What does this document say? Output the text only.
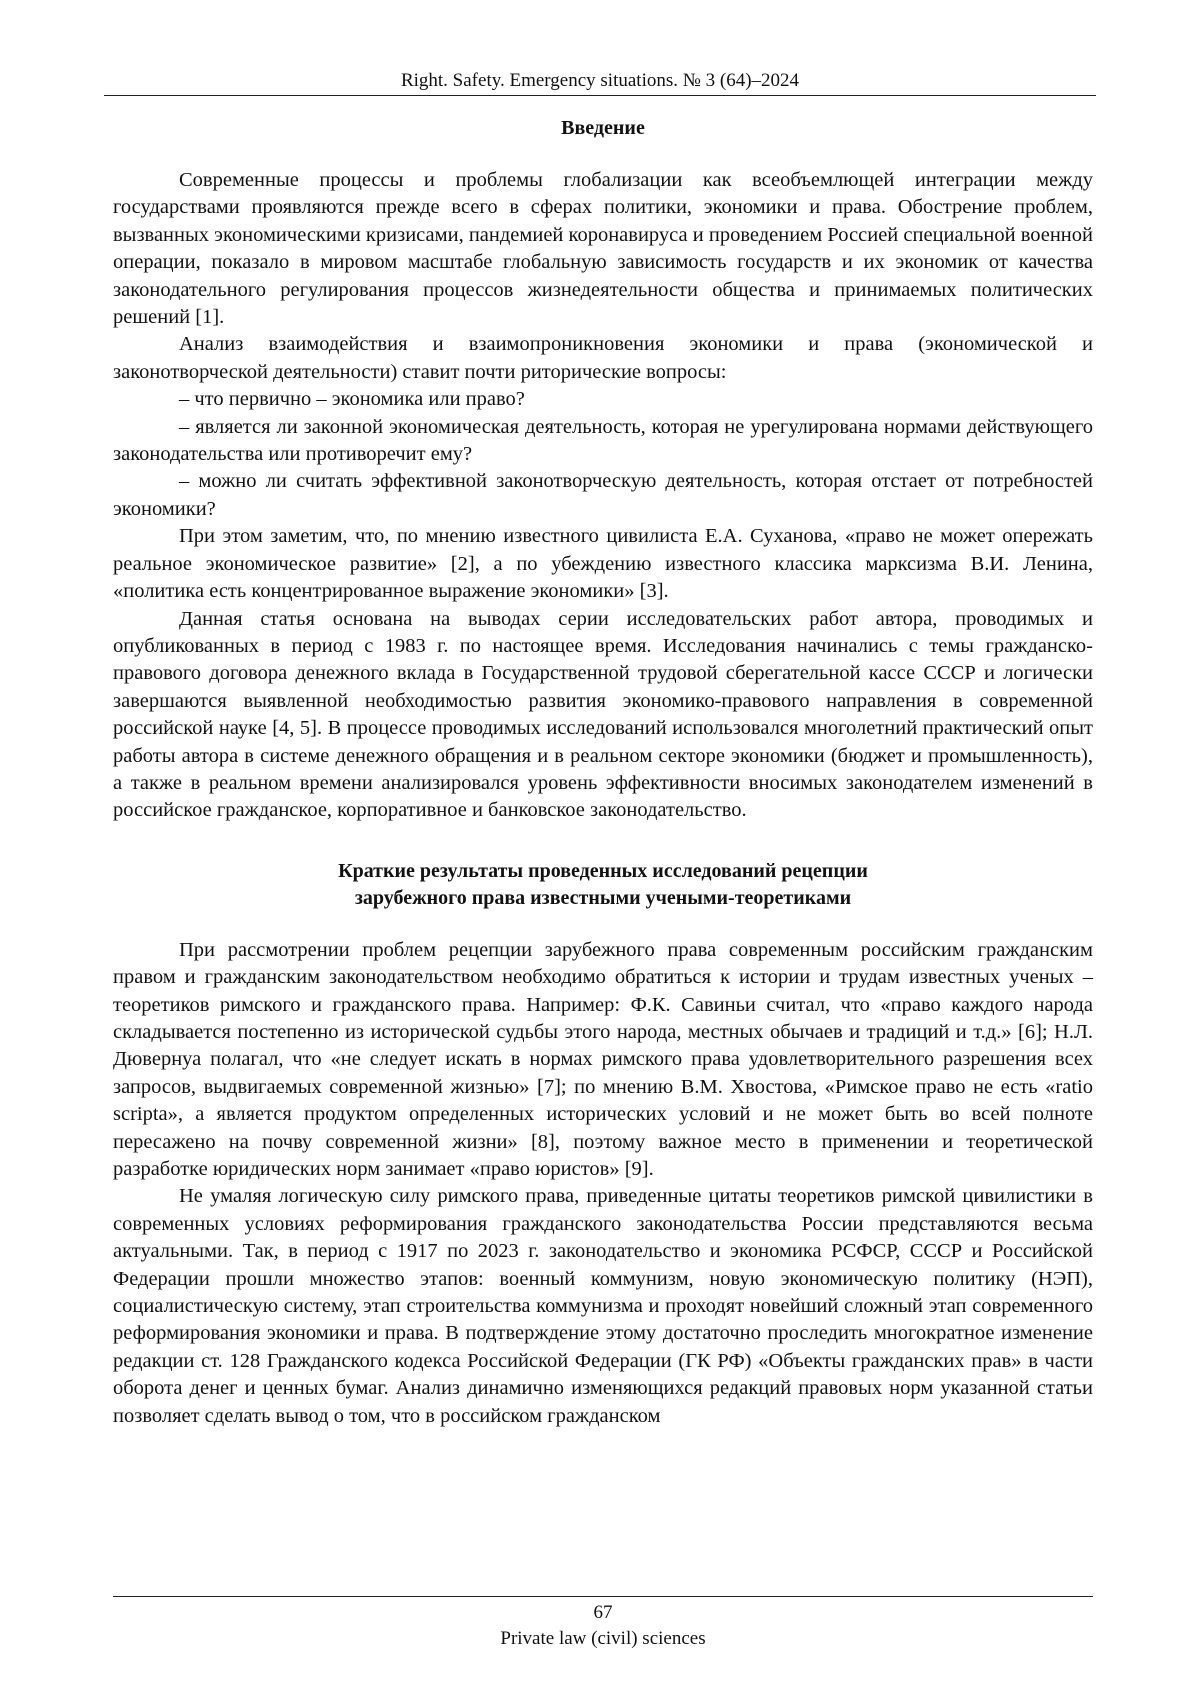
Right. Safety. Emergency situations. № 3 (64)–2024
Введение

Современные процессы и проблемы глобализации как всеобъемлющей интеграции между государствами проявляются прежде всего в сферах политики, экономики и права. Обострение проблем, вызванных экономическими кризисами, пандемией коронавируса и проведением Россией специальной военной операции, показало в мировом масштабе глобальную зависимость государств и их экономик от качества законодательного регулирования процессов жизнедеятельности общества и принимаемых политических решений [1].

Анализ взаимодействия и взаимопроникновения экономики и права (экономической и законотворческой деятельности) ставит почти риторические вопросы:

– что первично – экономика или право?

– является ли законной экономическая деятельность, которая не урегулирована нормами действующего законодательства или противоречит ему?

– можно ли считать эффективной законотворческую деятельность, которая отстает от потребностей экономики?

При этом заметим, что, по мнению известного цивилиста Е.А. Суханова, «право не может опережать реальное экономическое развитие» [2], а по убеждению известного классика марксизма В.И. Ленина, «политика есть концентрированное выражение экономики» [3].

Данная статья основана на выводах серии исследовательских работ автора, проводимых и опубликованных в период с 1983 г. по настоящее время. Исследования начинались с темы гражданско-правового договора денежного вклада в Государственной трудовой сберегательной кассе СССР и логически завершаются выявленной необходимостью развития экономико-правового направления в современной российской науке [4, 5]. В процессе проводимых исследований использовался многолетний практический опыт работы автора в системе денежного обращения и в реальном секторе экономики (бюджет и промышленность), а также в реальном времени анализировался уровень эффективности вносимых законодателем изменений в российское гражданское, корпоративное и банковское законодательство.

Краткие результаты проведенных исследований рецепции
зарубежного права известными учеными-теоретиками

При рассмотрении проблем рецепции зарубежного права современным российским гражданским правом и гражданским законодательством необходимо обратиться к истории и трудам известных ученых – теоретиков римского и гражданского права. Например: Ф.К. Савиньи считал, что «право каждого народа складывается постепенно из исторической судьбы этого народа, местных обычаев и традиций и т.д.» [6]; Н.Л. Дювернуа полагал, что «не следует искать в нормах римского права удовлетворительного разрешения всех запросов, выдвигаемых современной жизнью» [7]; по мнению В.М. Хвостова, «Римское право не есть «ratio scripta», а является продуктом определенных исторических условий и не может быть во всей полноте пересажено на почву современной жизни» [8], поэтому важное место в применении и теоретической разработке юридических норм занимает «право юристов» [9].

Не умаляя логическую силу римского права, приведенные цитаты теоретиков римской цивилистики в современных условиях реформирования гражданского законодательства России представляются весьма актуальными. Так, в период с 1917 по 2023 г. законодательство и экономика РСФСР, СССР и Российской Федерации прошли множество этапов: военный коммунизм, новую экономическую политику (НЭП), социалистическую систему, этап строительства коммунизма и проходят новейший сложный этап современного реформирования экономики и права. В подтверждение этому достаточно проследить многократное изменение редакции ст. 128 Гражданского кодекса Российской Федерации (ГК РФ) «Объекты гражданских прав» в части оборота денег и ценных бумаг. Анализ динамично изменяющихся редакций правовых норм указанной статьи позволяет сделать вывод о том, что в российском гражданском

67
Private law (civil) sciences
